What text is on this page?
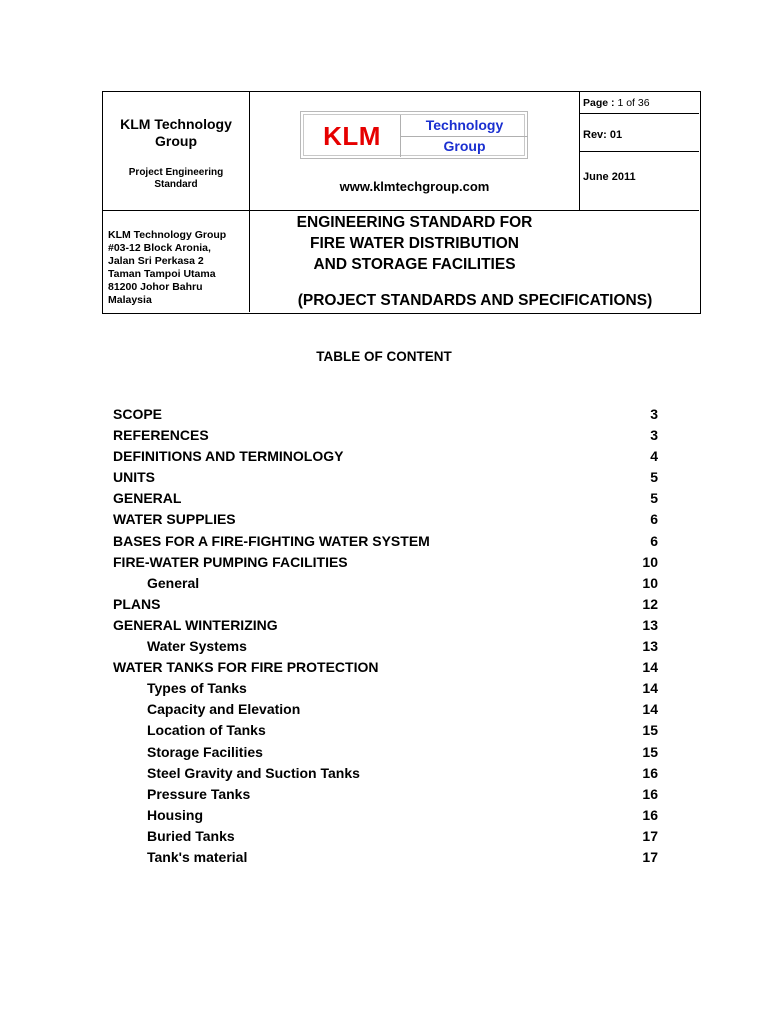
KLM Technology
Group
Project Engineering
Standard
KLM Technology Group
#03-12 Block Aronia,
Jalan Sri Perkasa 2
Taman Tampoi Utama
81200 Johor Bahru
Malaysia
KLM	Technology
Group
www.klmtechgroup.com
ENGINEERING STANDARD FOR
FIRE WATER DISTRIBUTION
AND STORAGE FACILITIES
(PROJECT STANDARDS AND SPECIFICATIONS)
Page : 1 of 36
Rev: 01
June 2011
TABLE OF CONTENT
SCOPE	3
REFERENCES	3
DEFINITIONS AND TERMINOLOGY	4
UNITS	5
GENERAL	5
WATER SUPPLIES	6
BASES FOR A FIRE-FIGHTING WATER SYSTEM	6
FIRE-WATER PUMPING FACILITIES	10
General	10
PLANS	12
GENERAL WINTERIZING	13
Water Systems	13
WATER TANKS FOR FIRE PROTECTION	14
Types of Tanks	14
Capacity and Elevation	14
Location of Tanks	15
Storage Facilities	15
Steel Gravity and Suction Tanks	16
Pressure Tanks	16
Housing	16
Buried Tanks	17
Tank's material	17
